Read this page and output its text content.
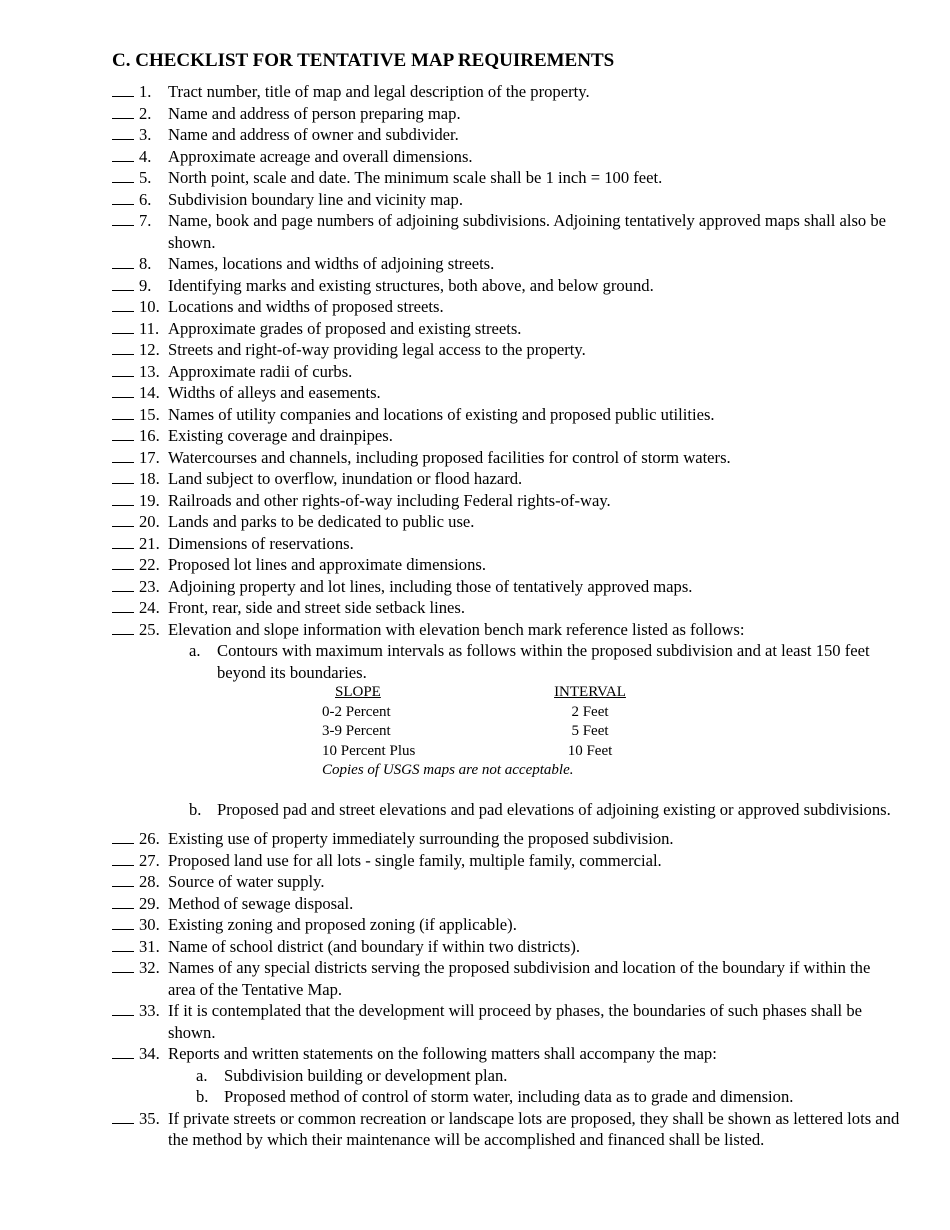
C. CHECKLIST FOR TENTATIVE MAP REQUIREMENTS
1. Tract number, title of map and legal description of the property.
2. Name and address of person preparing map.
3. Name and address of owner and subdivider.
4. Approximate acreage and overall dimensions.
5. North point, scale and date. The minimum scale shall be 1 inch = 100 feet.
6. Subdivision boundary line and vicinity map.
7. Name, book and page numbers of adjoining subdivisions. Adjoining tentatively approved maps shall also be shown.
8. Names, locations and widths of adjoining streets.
9. Identifying marks and existing structures, both above, and below ground.
10. Locations and widths of proposed streets.
11. Approximate grades of proposed and existing streets.
12. Streets and right-of-way providing legal access to the property.
13. Approximate radii of curbs.
14. Widths of alleys and easements.
15. Names of utility companies and locations of existing and proposed public utilities.
16. Existing coverage and drainpipes.
17. Watercourses and channels, including proposed facilities for control of storm waters.
18. Land subject to overflow, inundation or flood hazard.
19. Railroads and other rights-of-way including Federal rights-of-way.
20. Lands and parks to be dedicated to public use.
21. Dimensions of reservations.
22. Proposed lot lines and approximate dimensions.
23. Adjoining property and lot lines, including those of tentatively approved maps.
24. Front, rear, side and street side setback lines.
25. Elevation and slope information with elevation bench mark reference listed as follows:
a. Contours with maximum intervals as follows within the proposed subdivision and at least 150 feet beyond its boundaries.
SLOPE	INTERVAL
0-2 Percent	2 Feet
3-9 Percent	5 Feet
10 Percent Plus	10 Feet
Copies of USGS maps are not acceptable.
b. Proposed pad and street elevations and pad elevations of adjoining existing or approved subdivisions.
26. Existing use of property immediately surrounding the proposed subdivision.
27. Proposed land use for all lots - single family, multiple family, commercial.
28. Source of water supply.
29. Method of sewage disposal.
30. Existing zoning and proposed zoning (if applicable).
31. Name of school district (and boundary if within two districts).
32. Names of any special districts serving the proposed subdivision and location of the boundary if within the area of the Tentative Map.
33. If it is contemplated that the development will proceed by phases, the boundaries of such phases shall be shown.
34. Reports and written statements on the following matters shall accompany the map:
a. Subdivision building or development plan.
b. Proposed method of control of storm water, including data as to grade and dimension.
35. If private streets or common recreation or landscape lots are proposed, they shall be shown as lettered lots and the method by which their maintenance will be accomplished and financed shall be listed.
